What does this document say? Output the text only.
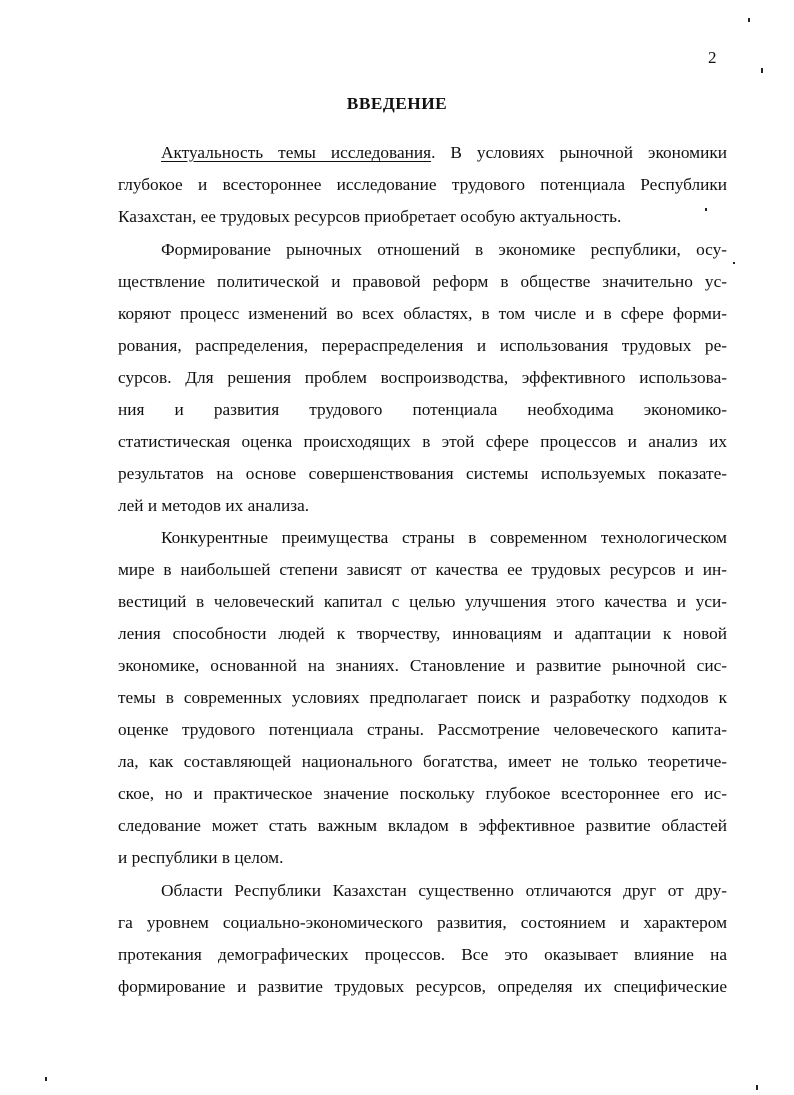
2
ВВЕДЕНИЕ
Актуальность темы исследования. В условиях рыночной экономики
глубокое и всестороннее исследование трудового потенциала Республики
Казахстан, ее трудовых ресурсов приобретает особую актуальность.
Формирование рыночных отношений в экономике республики, осу-
ществление политической и правовой реформ в обществе значительно ус-
коряют процесс изменений во всех областях, в том числе и в сфере форми-
рования, распределения, перераспределения и использования трудовых ре-
сурсов. Для решения проблем воспроизводства, эффективного использова-
ния и развития трудового потенциала необходима экономико-
статистическая оценка происходящих в этой сфере процессов и анализ их
результатов на основе совершенствования системы используемых показате-
лей и методов их анализа.
Конкурентные преимущества страны в современном технологическом
мире в наибольшей степени зависят от качества ее трудовых ресурсов и ин-
вестиций в человеческий капитал с целью улучшения этого качества и уси-
ления способности людей к творчеству, инновациям и адаптации к новой
экономике, основанной на знаниях. Становление и развитие рыночной сис-
темы в современных условиях предполагает поиск и разработку подходов к
оценке трудового потенциала страны. Рассмотрение человеческого капита-
ла, как составляющей национального богатства, имеет не только теоретиче-
ское, но и практическое значение поскольку глубокое всестороннее его ис-
следование может стать важным вкладом в эффективное развитие областей
и республики в целом.
Области Республики Казахстан существенно отличаются друг от дру-
га уровнем социально-экономического развития, состоянием и характером
протекания демографических процессов. Все это оказывает влияние на
формирование и развитие трудовых ресурсов, определяя их специфические
